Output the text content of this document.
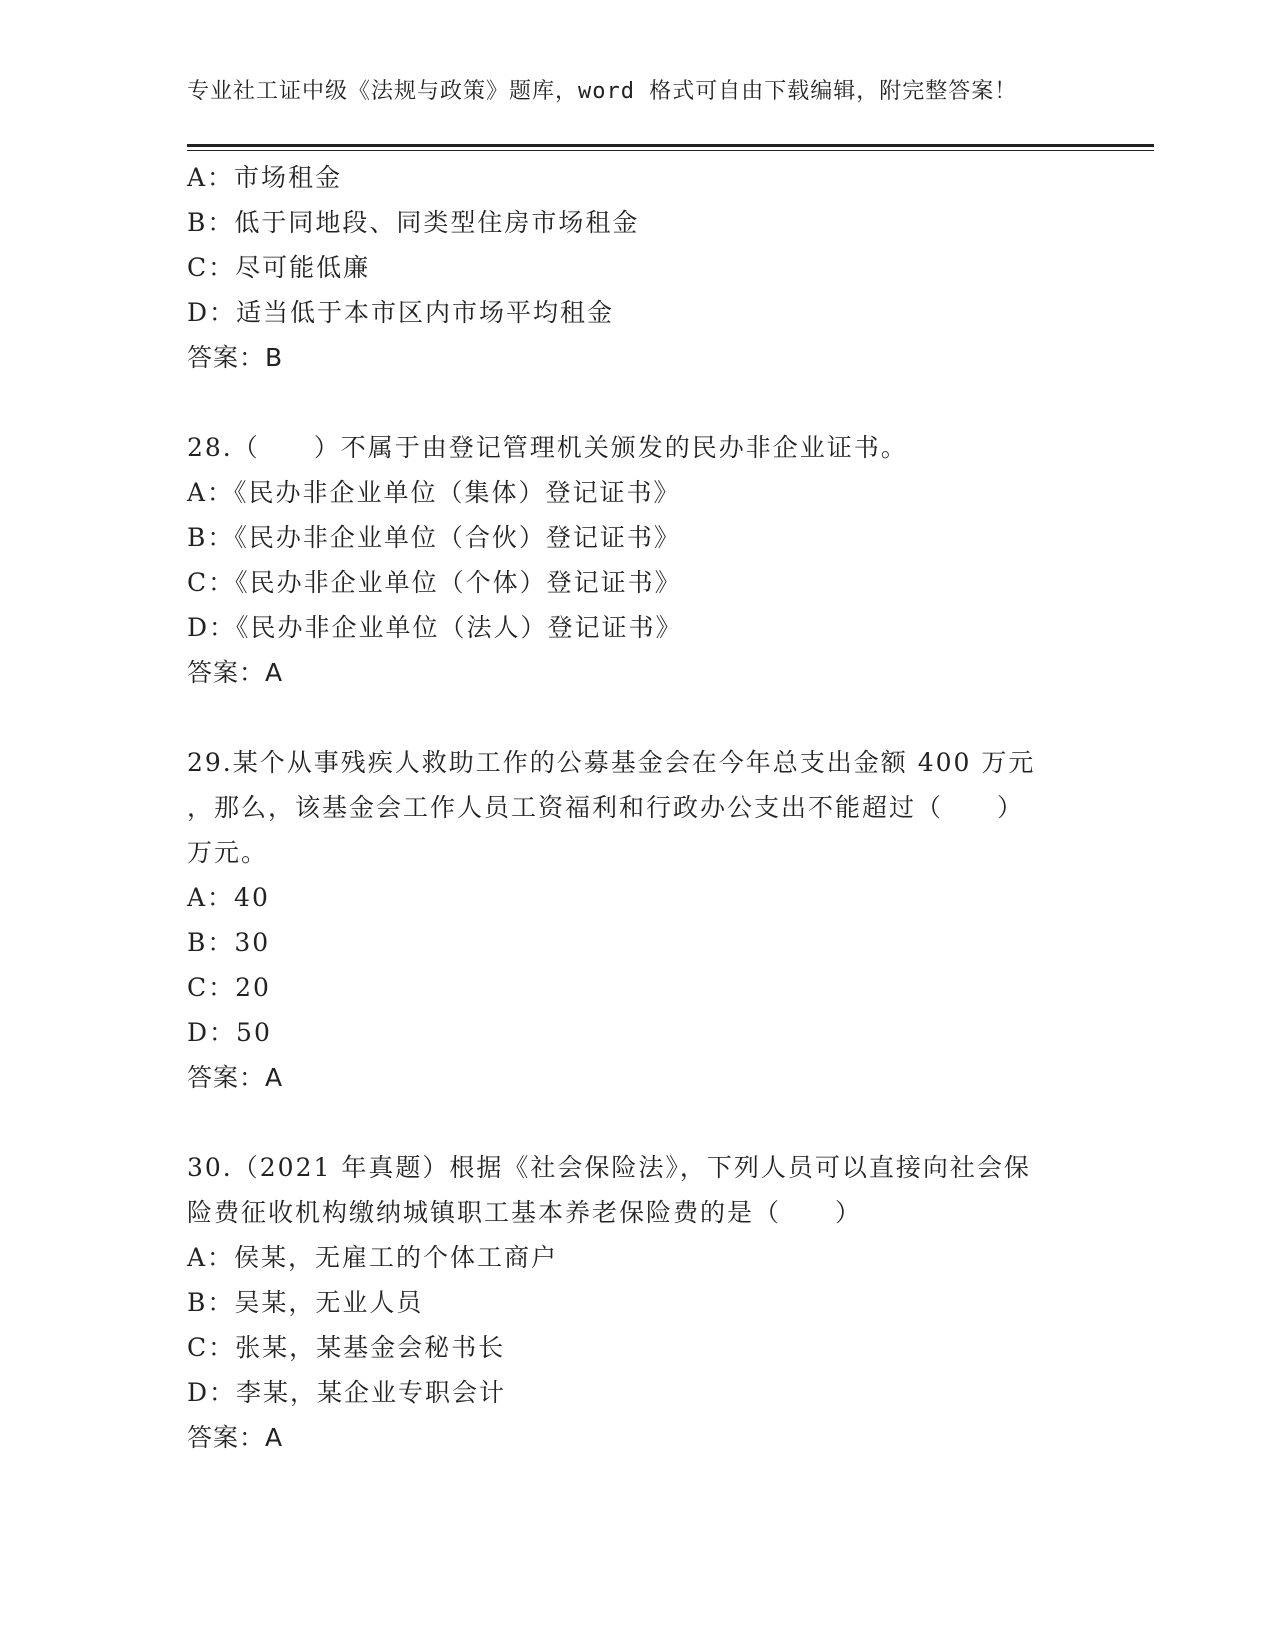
专业社工证中级《法规与政策》题库，word 格式可自由下载编辑，附完整答案！
A：市场租金
B：低于同地段、同类型住房市场租金
C：尽可能低廉
D：适当低于本市区内市场平均租金
答案：B
28.（　　）不属于由登记管理机关颁发的民办非企业证书。
A：《民办非企业单位（集体）登记证书》
B：《民办非企业单位（合伙）登记证书》
C：《民办非企业单位（个体）登记证书》
D：《民办非企业单位（法人）登记证书》
答案：A
29.某个从事残疾人救助工作的公募基金会在今年总支出金额 400 万元
，那么，该基金会工作人员工资福利和行政办公支出不能超过（　　）
万元。
A：40
B：30
C：20
D：50
答案：A
30.（2021 年真题）根据《社会保险法》，下列人员可以直接向社会保
险费征收机构缴纳城镇职工基本养老保险费的是（　　）
A：侯某，无雇工的个体工商户
B：吴某，无业人员
C：张某，某基金会秘书长
D：李某，某企业专职会计
答案：A
